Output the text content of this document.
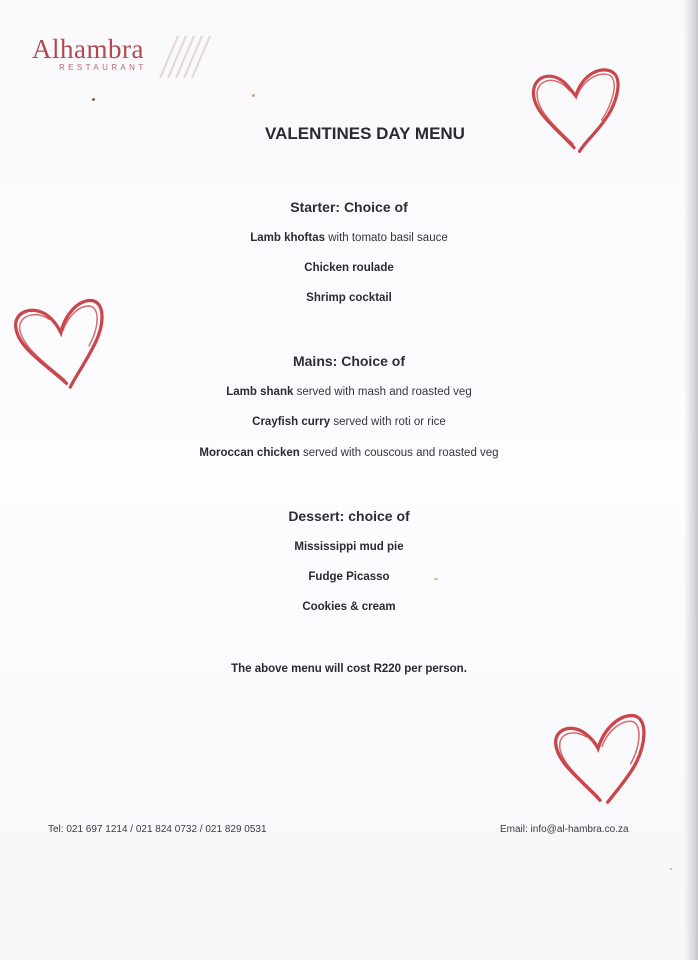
Alhambra
RESTAURANT
VALENTINES DAY MENU
Starter: Choice of
Lamb khoftas with tomato basil sauce
Chicken roulade
Shrimp cocktail
Mains: Choice of
Lamb shank served with mash and roasted veg
Crayfish curry served with roti or rice
Moroccan chicken served with couscous and roasted veg
Dessert: choice of
Mississippi mud pie
Fudge Picasso
Cookies & cream
The above menu will cost R220 per person.
Tel: 021 697 1214 / 021 824 0732 / 021 829 0531	Email: info@al-hambra.co.za
